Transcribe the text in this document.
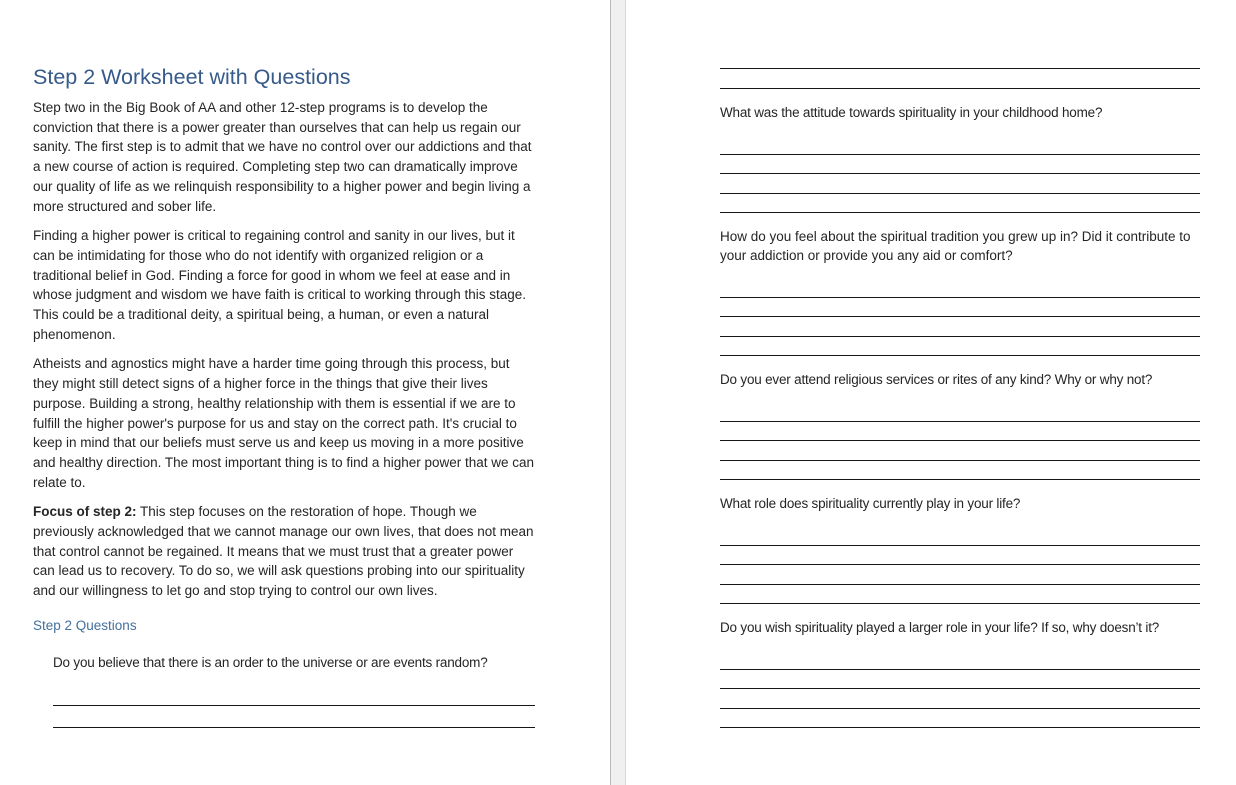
Step 2 Worksheet with Questions

Step two in the Big Book of AA and other 12-step programs is to develop the conviction that there is a power greater than ourselves that can help us regain our sanity. The first step is to admit that we have no control over our addictions and that a new course of action is required. Completing step two can dramatically improve our quality of life as we relinquish responsibility to a higher power and begin living a more structured and sober life.

Finding a higher power is critical to regaining control and sanity in our lives, but it can be intimidating for those who do not identify with organized religion or a traditional belief in God. Finding a force for good in whom we feel at ease and in whose judgment and wisdom we have faith is critical to working through this stage. This could be a traditional deity, a spiritual being, a human, or even a natural phenomenon.

Atheists and agnostics might have a harder time going through this process, but they might still detect signs of a higher force in the things that give their lives purpose. Building a strong, healthy relationship with them is essential if we are to fulfill the higher power's purpose for us and stay on the correct path. It's crucial to keep in mind that our beliefs must serve us and keep us moving in a more positive and healthy direction. The most important thing is to find a higher power that we can relate to.

Focus of step 2: This step focuses on the restoration of hope. Though we previously acknowledged that we cannot manage our own lives, that does not mean that control cannot be regained. It means that we must trust that a greater power can lead us to recovery. To do so, we will ask questions probing into our spirituality and our willingness to let go and stop trying to control our own lives.

Step 2 Questions

Do you believe that there is an order to the universe or are events random?

What was the attitude towards spirituality in your childhood home?

How do you feel about the spiritual tradition you grew up in? Did it contribute to your addiction or provide you any aid or comfort?

Do you ever attend religious services or rites of any kind? Why or why not?

What role does spirituality currently play in your life?

Do you wish spirituality played a larger role in your life? If so, why doesn’t it?
